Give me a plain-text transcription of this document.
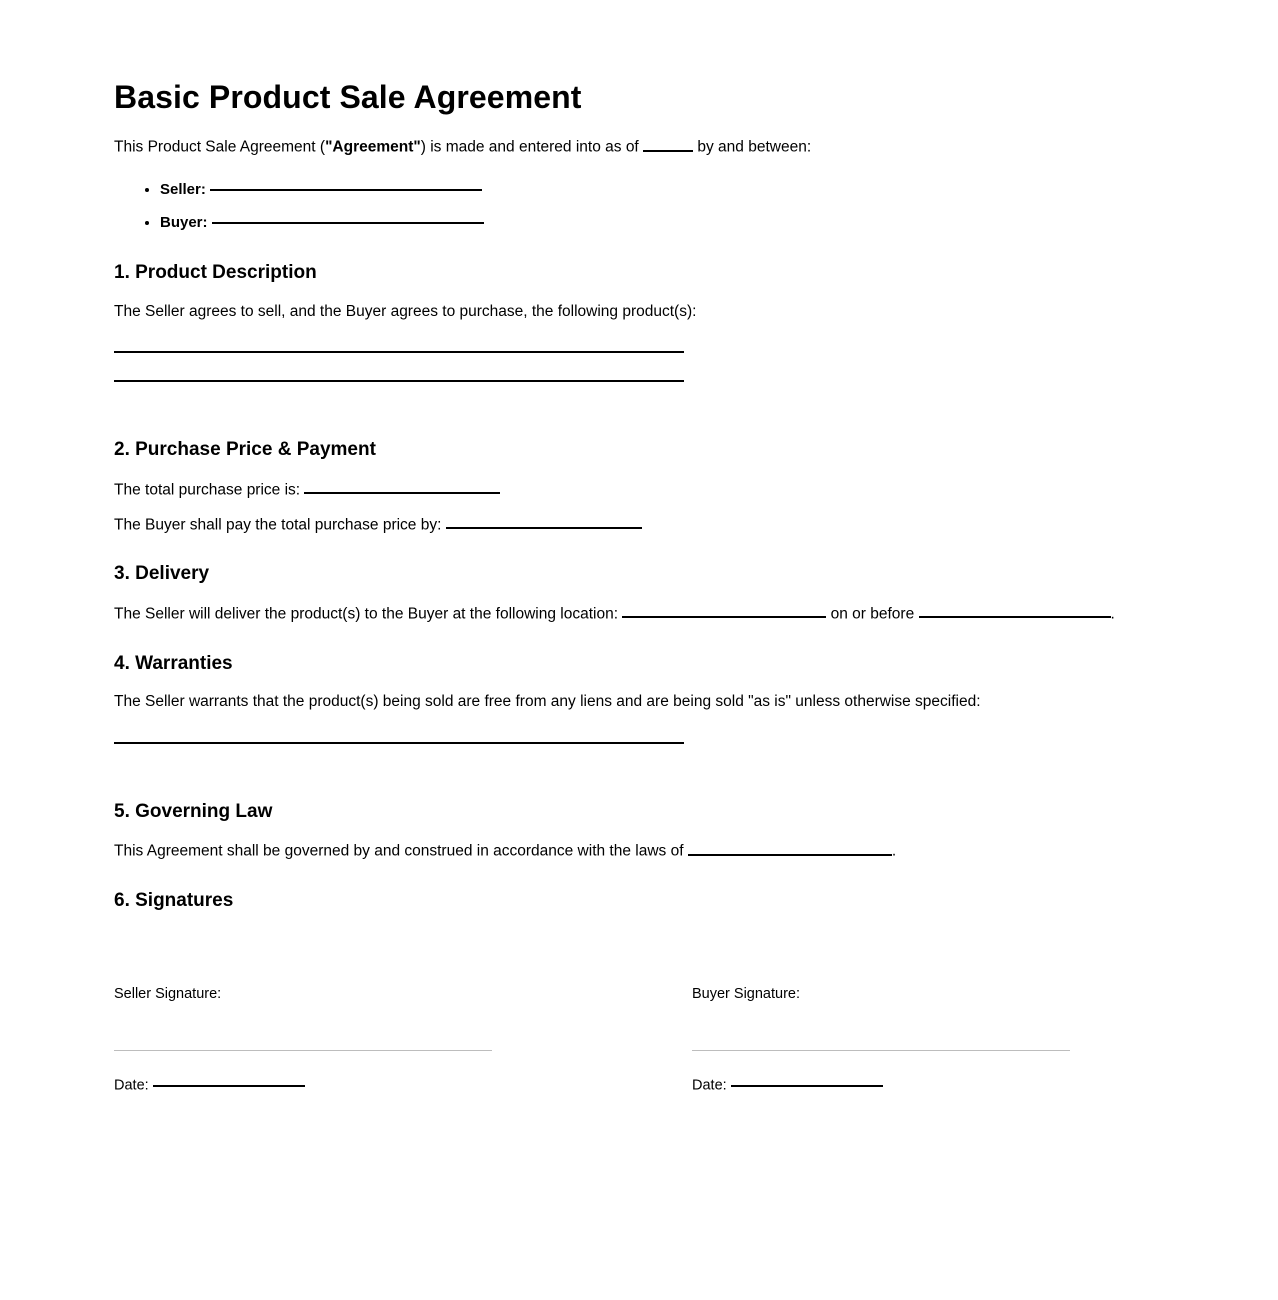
Basic Product Sale Agreement

This Product Sale Agreement ("Agreement") is made and entered into as of	by and between:

• Seller:
• Buyer:
1. Product Description

The Seller agrees to sell, and the Buyer agrees to purchase, the following product(s):

2. Purchase Price & Payment

The total purchase price is:

The Buyer shall pay the total purchase price by:

3. Delivery

The Seller will deliver the product(s) to the Buyer at the following location:	on or before	.

4. Warranties

The Seller warrants that the product(s) being sold are free from any liens and are being sold "as is" unless otherwise specified:

5. Governing Law

This Agreement shall be governed by and construed in accordance with the laws of	.

6. Signatures
Seller Signature:
Date:
Buyer Signature:
Date:
